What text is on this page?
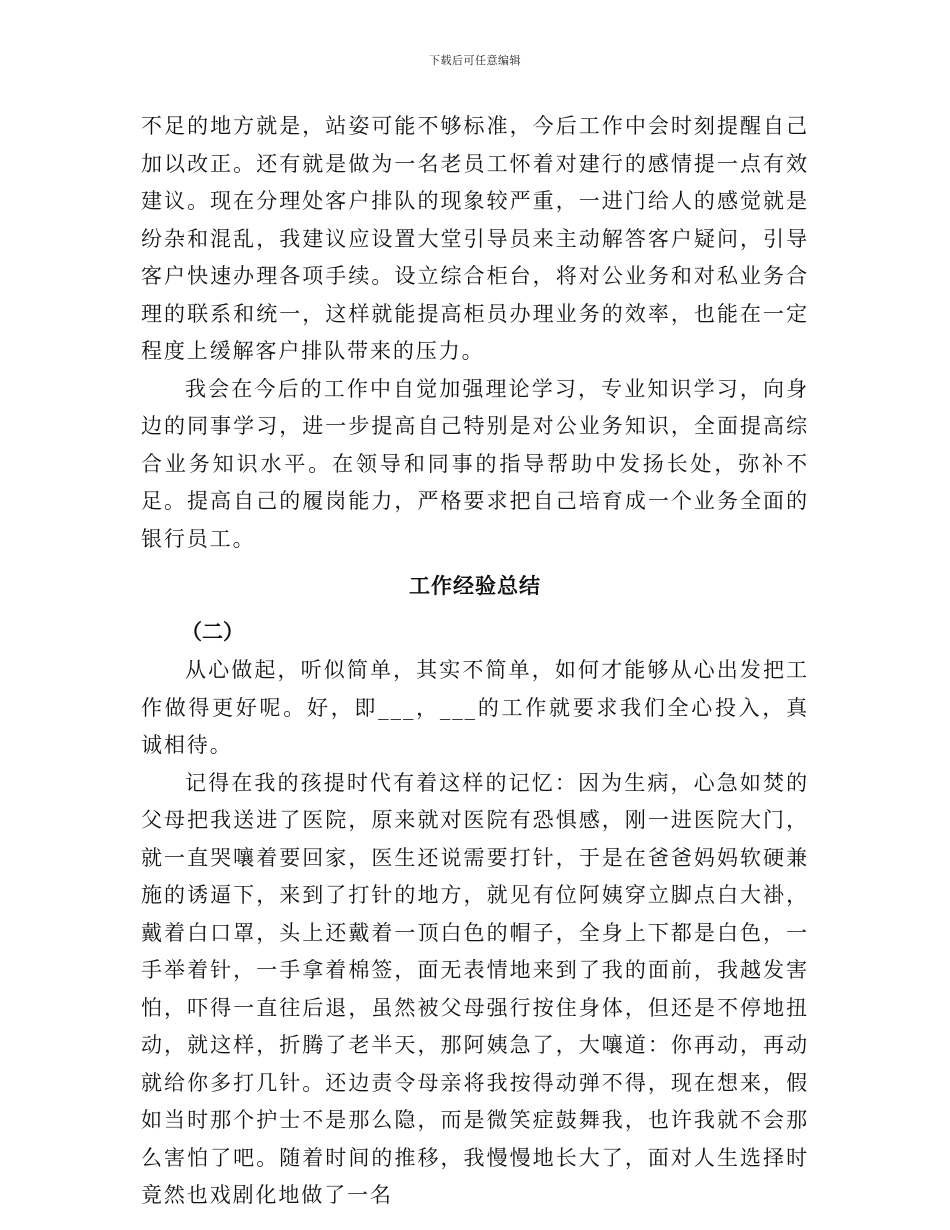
下载后可任意编辑

不足的地方就是，站姿可能不够标准，今后工作中会时刻提醒自己加以改正。还有就是做为一名老员工怀着对建行的感情提一点有效建议。现在分理处客户排队的现象较严重，一进门给人的感觉就是纷杂和混乱，我建议应设置大堂引导员来主动解答客户疑问，引导客户快速办理各项手续。设立综合柜台，将对公业务和对私业务合理的联系和统一，这样就能提高柜员办理业务的效率，也能在一定程度上缓解客户排队带来的压力。

我会在今后的工作中自觉加强理论学习，专业知识学习，向身边的同事学习，进一步提高自己特别是对公业务知识，全面提高综合业务知识水平。在领导和同事的指导帮助中发扬长处，弥补不足。提高自己的履岗能力，严格要求把自己培育成一个业务全面的银行员工。

工作经验总结

（二）

从心做起，听似简单，其实不简单，如何才能够从心出发把工作做得更好呢。好，即___，___的工作就要求我们全心投入，真诚相待。

记得在我的孩提时代有着这样的记忆：因为生病，心急如焚的父母把我送进了医院，原来就对医院有恐惧感，刚一进医院大门，就一直哭嚷着要回家，医生还说需要打针，于是在爸爸妈妈软硬兼施的诱逼下，来到了打针的地方，就见有位阿姨穿立脚点白大褂，戴着白口罩，头上还戴着一顶白色的帽子，全身上下都是白色，一手举着针，一手拿着棉签，面无表情地来到了我的面前，我越发害怕，吓得一直往后退，虽然被父母强行按住身体，但还是不停地扭动，就这样，折腾了老半天，那阿姨急了，大嚷道：你再动，再动就给你多打几针。还边责令母亲将我按得动弹不得，现在想来，假如当时那个护士不是那么隐，而是微笑症鼓舞我，也许我就不会那么害怕了吧。随着时间的推移，我慢慢地长大了，面对人生选择时竟然也戏剧化地做了一名
